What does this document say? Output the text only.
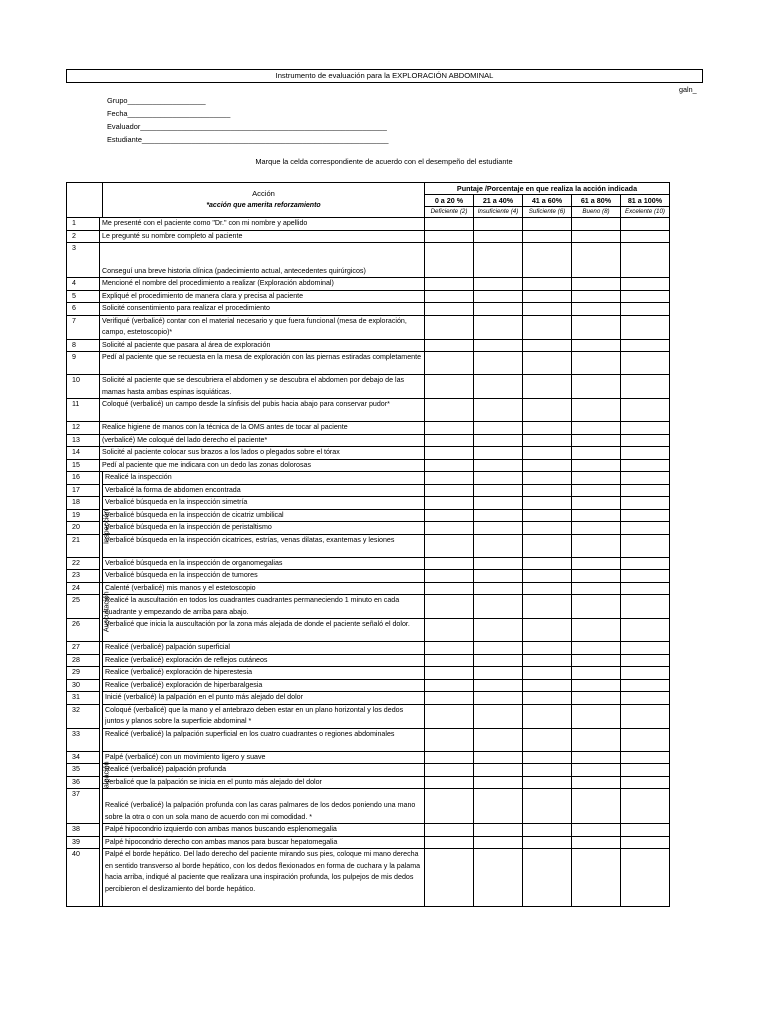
Instrumento de evaluación para la EXPLORACIÓN ABDOMINAL
galn_
Grupo___________________
Fecha_________________________
Evaluador____________________________________________________________
Estudiante____________________________________________________________
Marque la celda correspondiente de acuerdo con el desempeño del estudiante

		Acción
*acción que amerita reforzamiento	Puntaje /Porcentaje en que realiza la acción indicada				
			0 a 20 %	21 a 40%	41 a 60%	61 a 80%	81 a 100%
			Deficiente (2)	Insuficiente (4)	Suficiente (6)	Bueno (8)	Excelente (10)
1	Me presenté con el paciente como "Dr." con mi nombre y apellido						
2	Le pregunté su nombre completo al paciente						
3	Conseguí una breve historia clínica (padecimiento actual, antecedentes quirúrgicos)						
4	Mencioné el nombre del procedimiento a realizar (Exploración abdominal)						
5	Expliqué el procedimiento de manera clara y precisa al paciente						
6	Solicité consentimiento para realizar el procedimiento						
7	Verifiqué (verbalicé) contar con el material necesario y que fuera funcional (mesa de exploración, campo, estetoscopio)*						
8	Solicité al paciente que pasara al área de exploración						
9	Pedí al paciente que se recuesta en la mesa de exploración con las piernas estiradas completamente						
10	Solicité al paciente que se descubriera el abdomen y se descubra el abdomen por debajo de las mamas hasta ambas espinas isquiáticas.						
11	Coloqué (verbalicé) un campo desde la sínfisis del pubis hacia abajo para conservar pudor*						
12	Realice higiene de manos con la técnica de la OMS antes de tocar al paciente						
13	(verbalicé) Me coloqué del lado derecho el paciente*						
14	Solicité al paciente colocar sus brazos a los lados o plegados sobre el tórax						
15	Pedí al paciente que me indicara con un dedo las zonas dolorosas						
16	Inspección	Realicé la inspección					
17		Verbalicé la forma de abdomen encontrada					
18		Verbalicé búsqueda en la inspección simetría					
19		Verbalicé búsqueda en la inspección de cicatriz umbilical					
20		Verbalicé búsqueda en la inspección de peristaltismo					
21		Verbalicé búsqueda en la inspección cicatrices, estrías, venas dilatas, exantemas y lesiones					
22		Verbalicé búsqueda en la inspección de organomegalias					
23		Verbalicé búsqueda en la inspección de tumores					
24	Auscultación	Calenté (verbalicé) mis manos y el estetoscopio					
25		Realicé la auscultación en todos los cuadrantes cuadrantes permaneciendo 1 minuto en cada cuadrante y empezando de arriba para abajo.					
26		Verbalicé que inicia la auscultación por la zona más alejada de donde el paciente señaló el dolor.					
27	alpación	Realicé (verbalicé) palpación superficial					
28		Realice (verbalicé) exploración de reflejos cutáneos					
29		Realice (verbalicé) exploración de hiperestesia					
30		Realice (verbalicé) exploración de hiperbaralgesia					
31		Inicié (verbalicé) la palpación en el punto más alejado del dolor					
32		Coloqué (verbalicé) que la mano y el antebrazo deben estar en un plano horizontal y los dedos juntos y planos sobre la superficie abdominal *					
33		Realicé (verbalicé) la palpación superficial en los cuatro cuadrantes o regiones abdominales					
34		Palpé (verbalicé) con un movimiento ligero y suave					
35		Realicé (verbalicé) palpación profunda					
36		Verbalicé que la palpación se inicia en el punto más alejado del dolor					
37		Realicé (verbalicé) la palpación profunda con las caras palmares de los dedos poniendo una mano sobre la otra o con un sola mano de acuerdo con mi comodidad. *					
38		Palpé hipocondrio izquierdo con ambas manos buscando esplenomegalia					
39		Palpé hipocondrio derecho con ambas manos para buscar hepatomegalia					
40		Palpé el borde hepático. Del lado derecho del paciente mirando sus pies, coloque mi mano derecha en sentido transverso al borde hepático, con los dedos flexionados en forma de cuchara y la palama hacia arriba, indiqué al paciente que realizara una inspiración profunda, los pulpejos de mis dedos percibieron el deslizamiento del borde hepático.					
